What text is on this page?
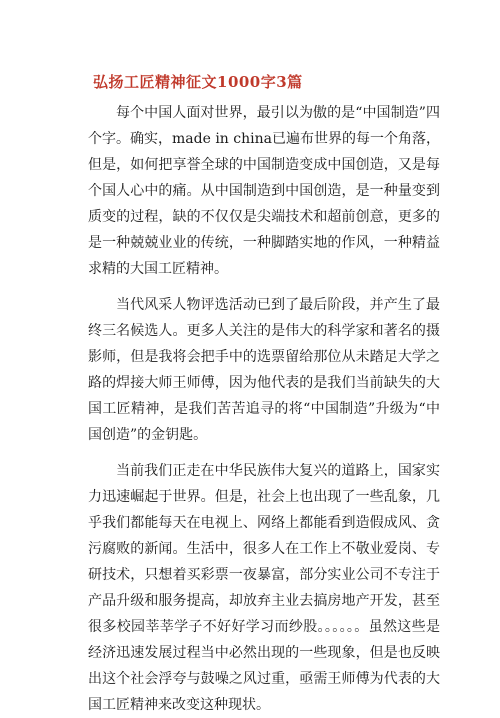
弘扬工匠精神征文1000字3篇

每个中国人面对世界，最引以为傲的是“中国制造”四个字。确实，made in china已遍布世界的每一个角落，但是，如何把享誉全球的中国制造变成中国创造，又是每个国人心中的痛。从中国制造到中国创造，是一种量变到质变的过程，缺的不仅仅是尖端技术和超前创意，更多的是一种兢兢业业的传统，一种脚踏实地的作风，一种精益求精的大国工匠精神。

当代风采人物评选活动已到了最后阶段，并产生了最终三名候选人。更多人关注的是伟大的科学家和著名的摄影师，但是我将会把手中的选票留给那位从未踏足大学之路的焊接大师王师傅，因为他代表的是我们当前缺失的大国工匠精神，是我们苦苦追寻的将“中国制造”升级为“中国创造”的金钥匙。

当前我们正走在中华民族伟大复兴的道路上，国家实力迅速崛起于世界。但是，社会上也出现了一些乱象，几乎我们都能每天在电视上、网络上都能看到造假成风、贪污腐败的新闻。生活中，很多人在工作上不敬业爱岗、专研技术，只想着买彩票一夜暴富，部分实业公司不专注于产品升级和服务提高，却放弃主业去搞房地产开发，甚至很多校园莘莘学子不好好学习而纱股。。。。。。虽然这些是经济迅速发展过程当中必然出现的一些现象，但是也反映出这个社会浮夸与鼓噪之风过重，亟需王师傅为代表的大国工匠精神来改变这种现状。
